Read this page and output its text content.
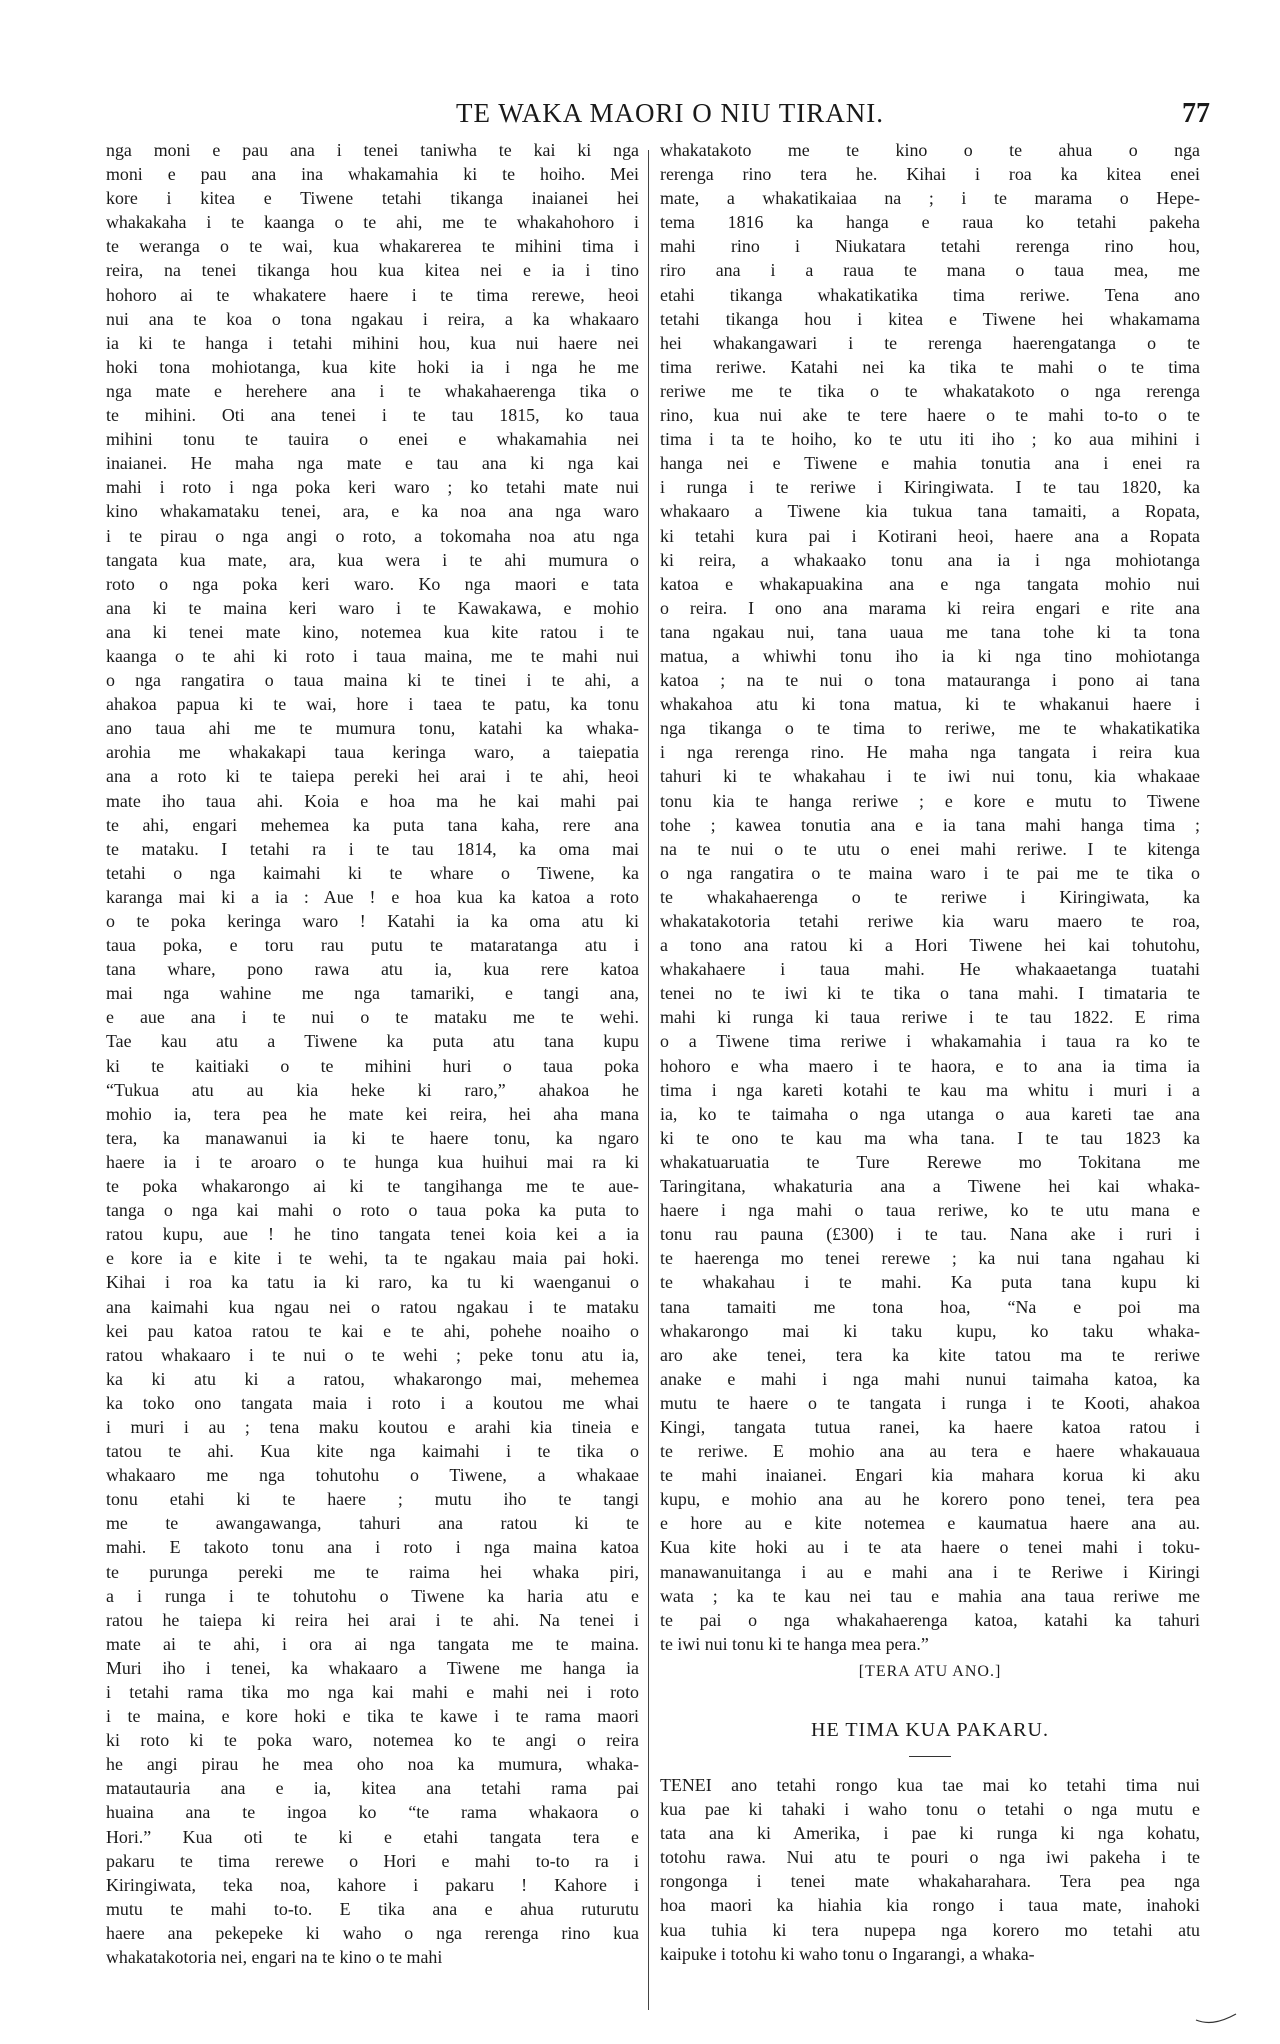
TE WAKA MAORI O NIU TIRANI.	77
nga moni e pau ana i tenei taniwha te kai ki nga
moni e pau ana ina whakamahia ki te hoiho. Mei
kore i kitea e Tiwene tetahi tikanga inaianei hei
whakakaha i te kaanga o te ahi, me te whakahohoro i
te weranga o te wai, kua whakarerea te mihini tima i
reira, na tenei tikanga hou kua kitea nei e ia i tino
hohoro ai te whakatere haere i te tima rerewe, heoi
nui ana te koa o tona ngakau i reira, a ka whakaaro
ia ki te hanga i tetahi mihini hou, kua nui haere nei
hoki tona mohiotanga, kua kite hoki ia i nga he me
nga mate e herehere ana i te whakahaerenga tika o
te mihini. Oti ana tenei i te tau 1815, ko taua
mihini tonu te tauira o enei e whakamahia nei
inaianei. He maha nga mate e tau ana ki nga kai
mahi i roto i nga poka keri waro ; ko tetahi mate nui
kino whakamataku tenei, ara, e ka noa ana nga waro
i te pirau o nga angi o roto, a tokomaha noa atu nga
tangata kua mate, ara, kua wera i te ahi mumura o
roto o nga poka keri waro. Ko nga maori e tata
ana ki te maina keri waro i te Kawakawa, e mohio
ana ki tenei mate kino, notemea kua kite ratou i te
kaanga o te ahi ki roto i taua maina, me te mahi nui
o nga rangatira o taua maina ki te tinei i te ahi, a
ahakoa papua ki te wai, hore i taea te patu, ka tonu
ano taua ahi me te mumura tonu, katahi ka whaka-
arohia me whakakapi taua keringa waro, a taiepatia
ana a roto ki te taiepa pereki hei arai i te ahi, heoi
mate iho taua ahi. Koia e hoa ma he kai mahi pai
te ahi, engari mehemea ka puta tana kaha, rere ana
te mataku. I tetahi ra i te tau 1814, ka oma mai
tetahi o nga kaimahi ki te whare o Tiwene, ka
karanga mai ki a ia : Aue ! e hoa kua ka katoa a roto
o te poka keringa waro ! Katahi ia ka oma atu ki
taua poka, e toru rau putu te mataratanga atu i
tana whare, pono rawa atu ia, kua rere katoa
mai nga wahine me nga tamariki, e tangi ana,
e aue ana i te nui o te mataku me te wehi.
Tae kau atu a Tiwene ka puta atu tana kupu
ki te kaitiaki o te mihini huri o taua poka
“Tukua atu au kia heke ki raro,” ahakoa he
mohio ia, tera pea he mate kei reira, hei aha mana
tera, ka manawanui ia ki te haere tonu, ka ngaro
haere ia i te aroaro o te hunga kua huihui mai ra ki
te poka whakarongo ai ki te tangihanga me te aue-
tanga o nga kai mahi o roto o taua poka ka puta to
ratou kupu, aue ! he tino tangata tenei koia kei a ia
e kore ia e kite i te wehi, ta te ngakau maia pai hoki.
Kihai i roa ka tatu ia ki raro, ka tu ki waenganui o
ana kaimahi kua ngau nei o ratou ngakau i te mataku
kei pau katoa ratou te kai e te ahi, pohehe noaiho o
ratou whakaaro i te nui o te wehi ; peke tonu atu ia,
ka ki atu ki a ratou, whakarongo mai, mehemea
ka toko ono tangata maia i roto i a koutou me whai
i muri i au ; tena maku koutou e arahi kia tineia e
tatou te ahi. Kua kite nga kaimahi i te tika o
whakaaro me nga tohutohu o Tiwene, a whakaae
tonu etahi ki te haere ; mutu iho te tangi
me te awangawanga, tahuri ana ratou ki te
mahi. E takoto tonu ana i roto i nga maina katoa
te purunga pereki me te raima hei whaka piri,
a i runga i te tohutohu o Tiwene ka haria atu e
ratou he taiepa ki reira hei arai i te ahi. Na tenei i
mate ai te ahi, i ora ai nga tangata me te maina.
Muri iho i tenei, ka whakaaro a Tiwene me hanga ia
i tetahi rama tika mo nga kai mahi e mahi nei i roto
i te maina, e kore hoki e tika te kawe i te rama maori
ki roto ki te poka waro, notemea ko te angi o reira
he angi pirau he mea oho noa ka mumura, whaka-
matautauria ana e ia, kitea ana tetahi rama pai
huaina ana te ingoa ko “te rama whakaora o
Hori.” Kua oti te ki e etahi tangata tera e
pakaru te tima rerewe o Hori e mahi to-to ra i
Kiringiwata, teka noa, kahore i pakaru ! Kahore i
mutu te mahi to-to. E tika ana e ahua ruturutu
haere ana pekepeke ki waho o nga rerenga rino kua
whakatakotoria nei, engari na te kino o te mahi
whakatakoto me te kino o te ahua o nga
rerenga rino tera he. Kihai i roa ka kitea enei
mate, a whakatikaiaa na ; i te marama o Hepe-
tema 1816 ka hanga e raua ko tetahi pakeha
mahi rino i Niukatara tetahi rerenga rino hou,
riro ana i a raua te mana o taua mea, me
etahi tikanga whakatikatika tima reriwe. Tena ano
tetahi tikanga hou i kitea e Tiwene hei whakamama
hei whakangawari i te rerenga haerengatanga o te
tima reriwe. Katahi nei ka tika te mahi o te tima
reriwe me te tika o te whakatakoto o nga rerenga
rino, kua nui ake te tere haere o te mahi to-to o te
tima i ta te hoiho, ko te utu iti iho ; ko aua mihini i
hanga nei e Tiwene e mahia tonutia ana i enei ra
i runga i te reriwe i Kiringiwata. I te tau 1820, ka
whakaaro a Tiwene kia tukua tana tamaiti, a Ropata,
ki tetahi kura pai i Kotirani heoi, haere ana a Ropata
ki reira, a whakaako tonu ana ia i nga mohiotanga
katoa e whakapuakina ana e nga tangata mohio nui
o reira. I ono ana marama ki reira engari e rite ana
tana ngakau nui, tana uaua me tana tohe ki ta tona
matua, a whiwhi tonu iho ia ki nga tino mohiotanga
katoa ; na te nui o tona matauranga i pono ai tana
whakahoa atu ki tona matua, ki te whakanui haere i
nga tikanga o te tima to reriwe, me te whakatikatika
i nga rerenga rino. He maha nga tangata i reira kua
tahuri ki te whakahau i te iwi nui tonu, kia whakaae
tonu kia te hanga reriwe ; e kore e mutu to Tiwene
tohe ; kawea tonutia ana e ia tana mahi hanga tima ;
na te nui o te utu o enei mahi reriwe. I te kitenga
o nga rangatira o te maina waro i te pai me te tika o
te whakahaerenga o te reriwe i Kiringiwata, ka
whakatakotoria tetahi reriwe kia waru maero te roa,
a tono ana ratou ki a Hori Tiwene hei kai tohutohu,
whakahaere i taua mahi. He whakaaetanga tuatahi
tenei no te iwi ki te tika o tana mahi. I timataria te
mahi ki runga ki taua reriwe i te tau 1822. E rima
o a Tiwene tima reriwe i whakamahia i taua ra ko te
hohoro e wha maero i te haora, e to ana ia tima ia
tima i nga kareti kotahi te kau ma whitu i muri i a
ia, ko te taimaha o nga utanga o aua kareti tae ana
ki te ono te kau ma wha tana. I te tau 1823 ka
whakatuaruatia te Ture Rerewe mo Tokitana me
Taringitana, whakaturia ana a Tiwene hei kai whaka-
haere i nga mahi o taua reriwe, ko te utu mana e
tonu rau pauna (£300) i te tau. Nana ake i ruri i
te haerenga mo tenei rerewe ; ka nui tana ngahau ki
te whakahau i te mahi. Ka puta tana kupu ki
tana tamaiti me tona hoa, “Na e poi ma
whakarongo mai ki taku kupu, ko taku whaka-
aro ake tenei, tera ka kite tatou ma te reriwe
anake e mahi i nga mahi nunui taimaha katoa, ka
mutu te haere o te tangata i runga i te Kooti, ahakoa
Kingi, tangata tutua ranei, ka haere katoa ratou i
te reriwe. E mohio ana au tera e haere whakauaua
te mahi inaianei. Engari kia mahara korua ki aku
kupu, e mohio ana au he korero pono tenei, tera pea
e hore au e kite notemea e kaumatua haere ana au.
Kua kite hoki au i te ata haere o tenei mahi i toku-
manawanuitanga i au e mahi ana i te Reriwe i Kiringi
wata ; ka te kau nei tau e mahia ana taua reriwe me
te pai o nga whakahaerenga katoa, katahi ka tahuri
te iwi nui tonu ki te hanga mea pera.”
[TERA ATU ANO.]
HE TIMA KUA PAKARU.
TENEI ano tetahi rongo kua tae mai ko tetahi tima nui
kua pae ki tahaki i waho tonu o tetahi o nga mutu e
tata ana ki Amerika, i pae ki runga ki nga kohatu,
totohu rawa. Nui atu te pouri o nga iwi pakeha i te
rongonga i tenei mate whakaharahara. Tera pea nga
hoa maori ka hiahia kia rongo i taua mate, inahoki
kua tuhia ki tera nupepa nga korero mo tetahi atu
kaipuke i totohu ki waho tonu o Ingarangi, a whaka-
